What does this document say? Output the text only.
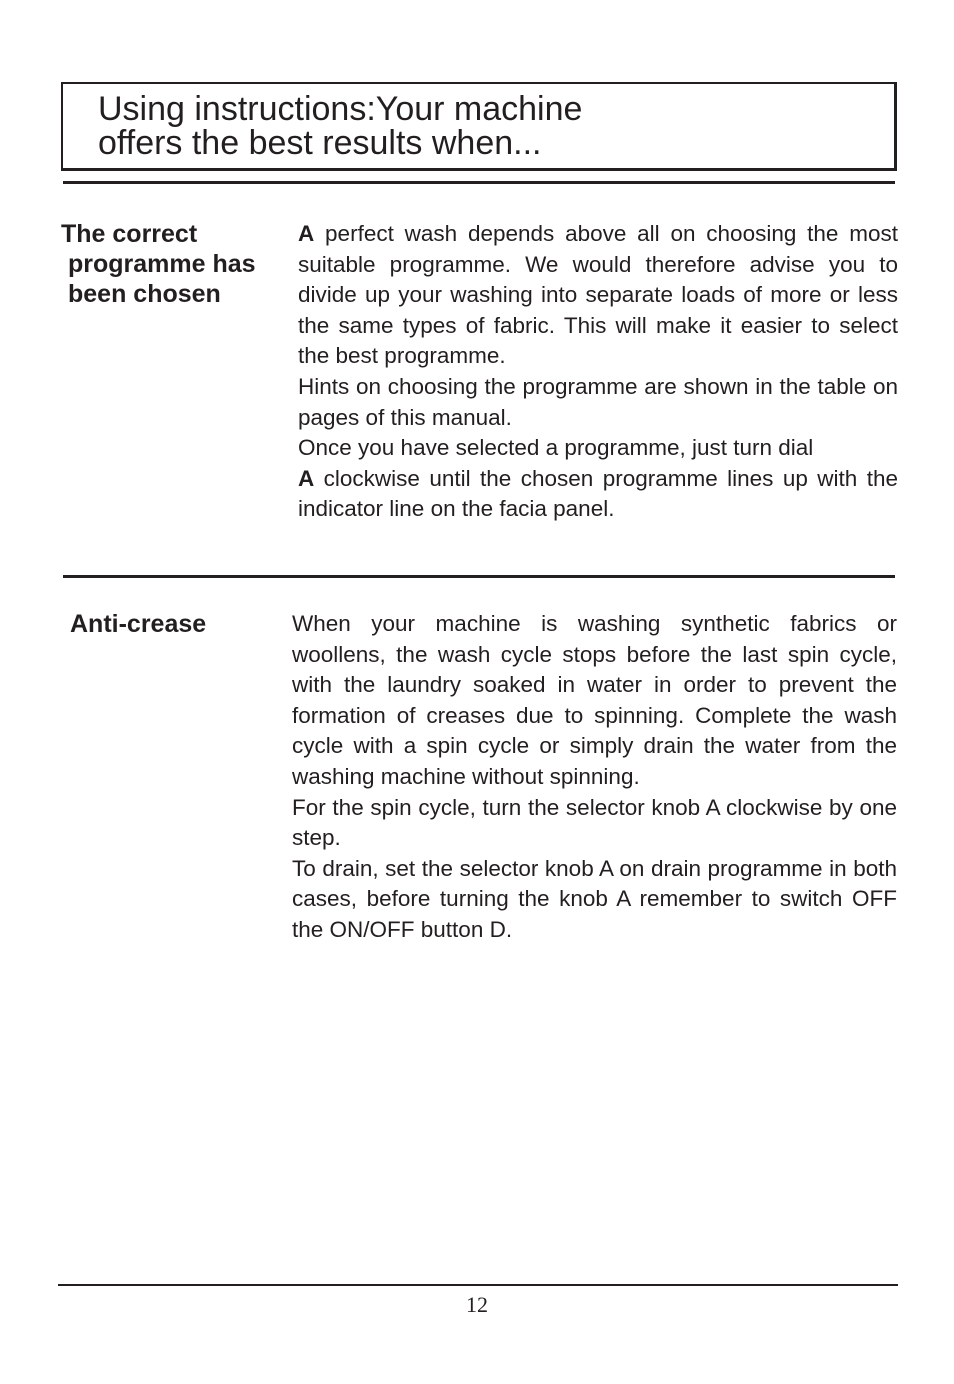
Using instructions:Your machine
offers the best results when...
The correct
programme has
been chosen

A perfect wash depends above all on choosing the most suitable programme. We would therefore advise you to divide up your washing into separate loads of more or less the same types of fabric. This will make it easier to select the best programme.

Hints on choosing the programme are shown in the table on pages of this manual.

Once you have selected a programme, just turn dial

A clockwise until the chosen programme lines up with the indicator line on the facia panel.

Anti-crease	When your machine is washing synthetic fabrics or woollens, the wash cycle stops before the last spin cycle, with the laundry soaked in water in order to prevent the formation of creases due to spinning. Complete the wash cycle with a spin cycle or simply drain the water from the washing machine without spinning.

For the spin cycle, turn the selector knob A clockwise by one step.

To drain, set the selector knob A on drain programme in both cases, before turning the knob A remember to switch OFF the ON/OFF button D.

12
